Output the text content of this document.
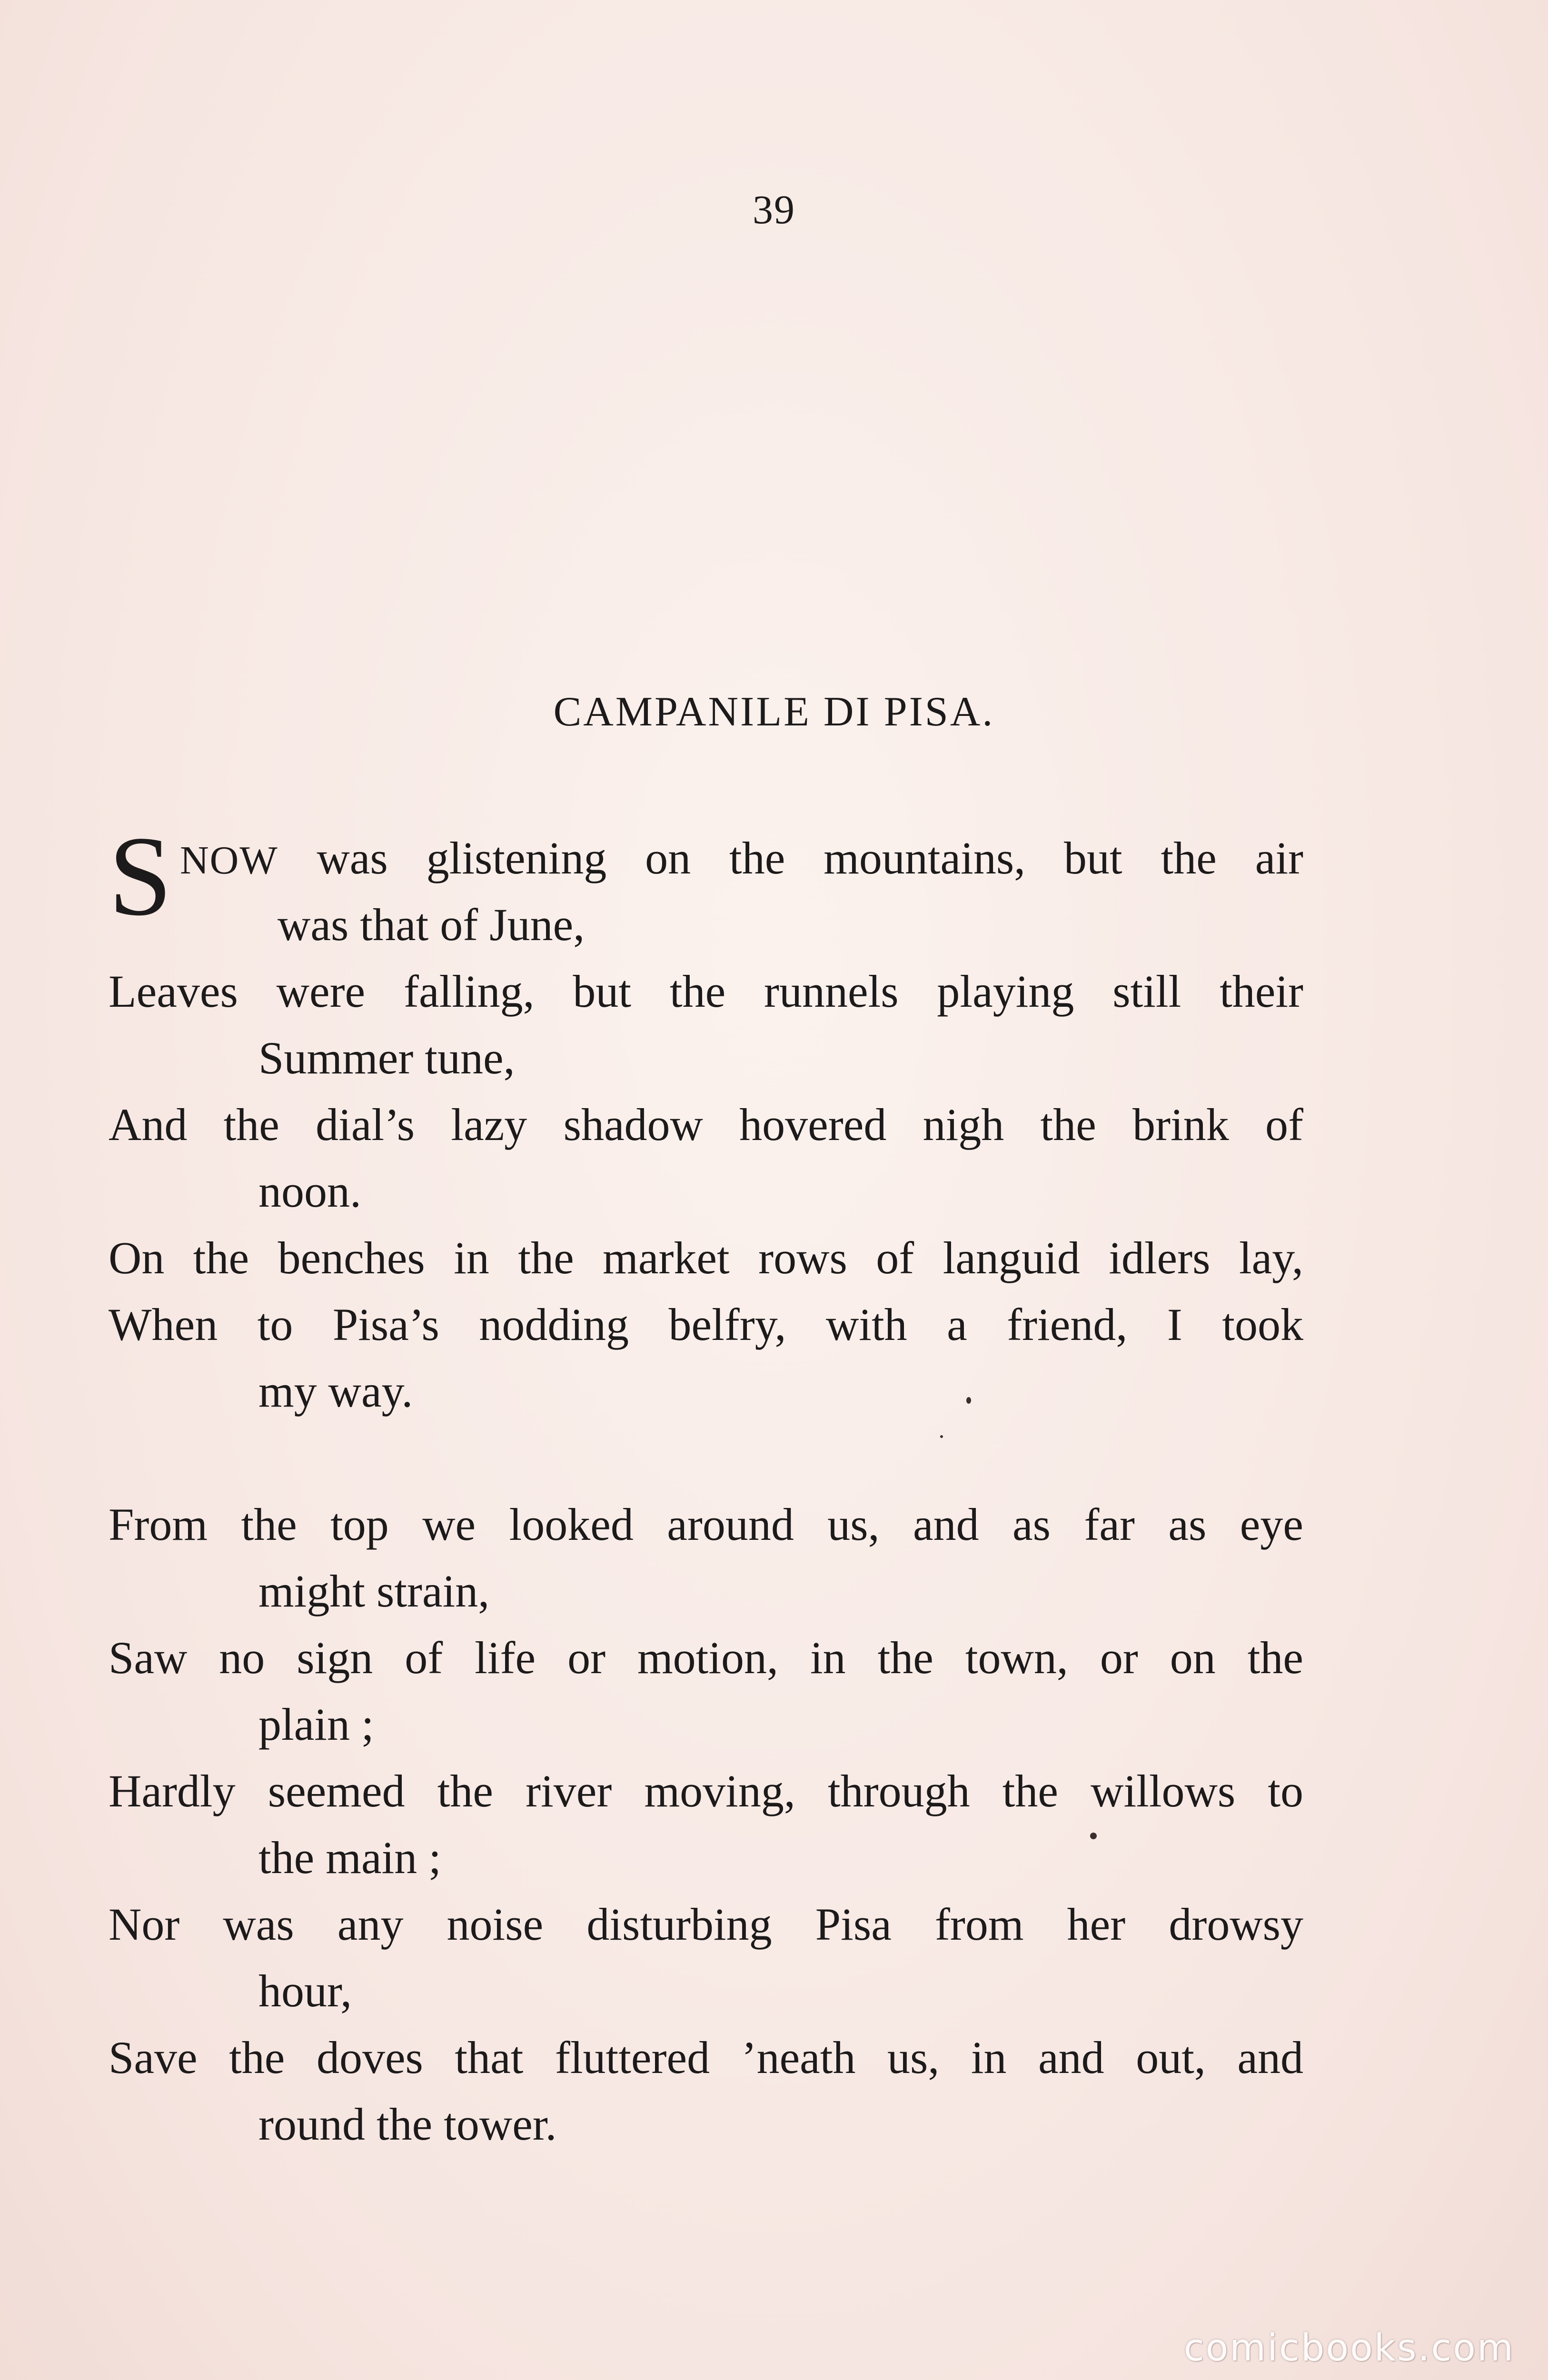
39
CAMPANILE DI PISA.
S NOW was glistening on the mountains, but the air
was that of June,
Leaves were falling, but the runnels playing still their
Summer tune,
And the dial’s lazy shadow hovered nigh the brink of
noon.
On the benches in the market rows of languid idlers lay,
When to Pisa’s nodding belfry, with a friend, I took
my way.
From the top we looked around us, and as far as eye
might strain,
Saw no sign of life or motion, in the town, or on the
plain ;
Hardly seemed the river moving, through the willows to
the main ;
Nor was any noise disturbing Pisa from her drowsy
hour,
Save the doves that fluttered ’neath us, in and out, and
round the tower.
comicbooks.com
